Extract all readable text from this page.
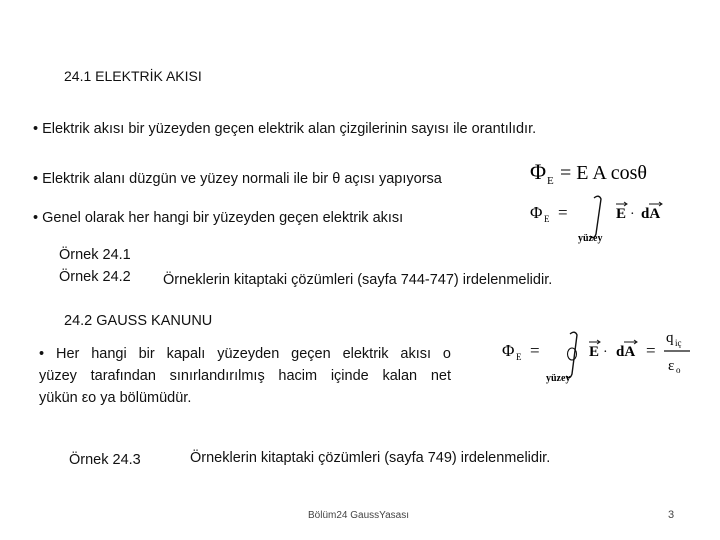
24.1 ELEKTRİK AKISI
• Elektrik akısı bir yüzeyden geçen elektrik alan çizgilerinin sayısı ile orantılıdır.
• Elektrik alanı düzgün ve yüzey normali ile bir θ açısı yapıyorsa
• Genel olarak her hangi bir yüzeyden geçen elektrik akısı
Φ E = E A cosθ
Φ E =	E · dA
yüzey
Örnek 24.1
Örnek 24.2 Örneklerin kitaptaki çözümleri (sayfa 744-747) irdelenmelidir.
24.2 GAUSS KANUNU
• Her hangi bir kapalı yüzeyden geçen elektrik akısı o
yüzey tarafından sınırlandırılmış hacim içinde kalan net
yükün εo ya bölümüdür.
Φ E =	E · dA =
q iç
ε o
yüzey
Örnek 24.3	Örneklerin kitaptaki çözümleri (sayfa 749) irdelenmelidir.
Bölüm24 GaussYasası	3
